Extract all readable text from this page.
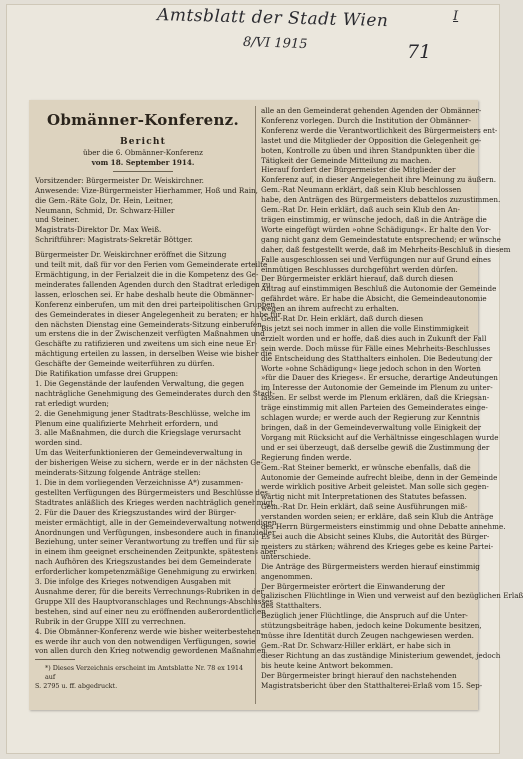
Amtsblatt der Stadt Wien	I
8/VI 1915	71
Obmänner-Konferenz.
Bericht
über die 6. Obmänner-Konferenz
vom 18. September 1914.
Vorsitzender: Bürgermeister Dr. Weiskirchner.
Anwesende: Vize-Bürgermeister Hierhammer, Hoß und Rain,
die Gem.-Räte Golz, Dr. Hein, Leitner,
Neumann, Schmid, Dr. Schwarz-Hiller
und Steiner.
Magistrats-Direktor Dr. Max Weiß.
Schriftführer: Magistrats-Sekretär Böttger.
Bürgermeister Dr. Weiskirchner eröffnet die Sitzung
und teilt mit, daß für vor den Ferien vom Gemeinderate erteilte
Ermächtigung, in der Ferialzeit die in die Kompetenz des Ge-
meinderates fallenden Agenden durch den Stadtrat erledigen zu
lassen, erloschen sei. Er habe deshalb heute die Obmänner-
Konferenz einberufen, um mit den drei parteipolitischen Gruppen
des Gemeinderates in dieser Angelegenheit zu beraten; er habe für
den nächsten Dienstag eine Gemeinderats-Sitzung einberufen,
um erstens die in der Zwischenzeit verfügten Maßnahmen und
Geschäfte zu ratifizieren und zweitens um sich eine neue Er-
mächtigung erteilen zu lassen, in derselben Weise wie bisher die
Geschäfte der Gemeinde weiterführen zu dürfen.
Die Ratifikation umfasse drei Gruppen:
1. Die Gegenstände der laufenden Verwaltung, die gegen
nachträgliche Genehmigung des Gemeinderates durch den Stadt-
rat erledigt wurden;
2. die Genehmigung jener Stadtrats-Beschlüsse, welche im
Plenum eine qualifizierte Mehrheit erfordern, und
3. alle Maßnahmen, die durch die Kriegslage verursacht
worden sind.
Um das Weiterfunktionieren der Gemeindeverwaltung in
der bisherigen Weise zu sichern, werde er in der nächsten Ge-
meinderats-Sitzung folgende Anträge stellen:
1. Die in dem vorliegenden Verzeichnisse A*) zusammen-
gestellten Verfügungen des Bürgermeisters und Beschlüsse des
Stadtrates anläßlich des Krieges werden nachträglich genehmigt.
2. Für die Dauer des Kriegszustandes wird der Bürger-
meister ermächtigt, alle in der Gemeindeverwaltung notwendigen
Anordnungen und Verfügungen, insbesondere auch in finanzieller
Beziehung, unter seiner Verantwortung zu treffen und für sie
in einem ihm geeignet erscheinenden Zeitpunkte, spätestens aber
nach Aufhören des Kriegszustandes bei dem Gemeinderate
erforderlicher kompetenzmäßige Genehmigung zu erwirken.
3. Die infolge des Krieges notwendigen Ausgaben mit
Ausnahme derer, für die bereits Verrechnungs-Rubriken in der
Gruppe XII des Hauptvoranschlages und Rechnungs-Abschlusses
bestehen, sind auf einer neu zu eröffnenden außerordentlichen
Rubrik in der Gruppe XIII zu verrechnen.
4. Die Obmänner-Konferenz werde wie bisher weiterbestehen,
es werde ihr auch von den notwendigen Verfügungen, sowie
von allen durch den Krieg notwendig gewordenen Maßnahmen
*) Dieses Verzeichnis erscheint im Amtsblatte Nr. 78 ex 1914 auf
S. 2795 u. ff. abgedruckt.
alle an den Gemeinderat gehenden Agenden der Obmänner-
Konferenz vorlegen. Durch die Institution der Obmänner-
Konferenz werde die Verantwortlichkeit des Bürgermeisters ent-
lastet und die Mitglieder der Opposition die Gelegenheit ge-
boten, Kontrolle zu üben und ihren Standpunkten über die
Tätigkeit der Gemeinde Mitteilung zu machen.
Hierauf fordert der Bürgermeister die Mitglieder der
Konferenz auf, in dieser Angelegenheit ihre Meinung zu äußern.
Gem.-Rat Neumann erklärt, daß sein Klub beschlossen
habe, den Anträgen des Bürgermeisters debattelos zuzustimmen.
Gem.-Rat Dr. Hein erklärt, daß auch sein Klub den An-
trägen einstimmig, er wünsche jedoch, daß in die Anträge die
Worte eingefügt würden »ohne Schädigung«. Er halte den Vor-
gang nicht ganz dem Gemeindestatute entsprechend; er wünsche
daher, daß festgestellt werde, daß im Mehrheits-Beschluß in diesem
Falle ausgeschlossen sei und Verfügungen nur auf Grund eines
einmütigen Beschlusses durchgeführt werden dürfen.
Der Bürgermeister erklärt hierauf, daß durch diesen
Antrag auf einstimmigen Beschluß die Autonomie der Gemeinde
gefährdet wäre. Er habe die Absicht, die Gemeindeautonomie
wegen an ihrem aufrecht zu erhalten.
Gem.-Rat Dr. Hein erklärt, daß durch diesen
Bis jetzt sei noch immer in allen die volle Einstimmigkeit
erzielt worden und er hoffe, daß dies auch in Zukunft der Fall
sein werde. Doch müsse für Fälle eines Mehrheits-Beschlusses
die Entscheidung des Statthalters einholen. Die Bedeutung der
Worte »ohne Schädigung« liege jedoch schon in den Worten
»für die Dauer des Krieges«. Er ersuche, derartige Andeutungen
im Interesse der Autonomie der Gemeinde im Plenum zu unter-
lassen. Er selbst werde im Plenum erklären, daß die Kriegsan-
träge einstimmig mit allen Parteien des Gemeinderates einge-
schlagen wurde; er werde auch der Regierung zur Kenntnis
bringen, daß in der Gemeindeverwaltung volle Einigkeit der
Vorgang mit Rücksicht auf die Verhältnisse eingeschlagen wurde
und er sei überzeugt, daß derselbe gewiß die Zustimmung der
Regierung finden werde.
Gem.-Rat Steiner bemerkt, er wünsche ebenfalls, daß die
Autonomie der Gemeinde aufrecht bleibe, denn in der Gemeinde
werde wirklich positive Arbeit geleistet. Man solle sich gegen-
wärtig nicht mit Interpretationen des Statutes befassen.
Gem.-Rat Dr. Hein erklärt, daß seine Ausführungen miß-
verstanden worden seien; er erkläre, daß sein Klub die Anträge
des Herrn Bürgermeisters einstimmig und ohne Debatte annehme.
Es sei auch die Absicht seines Klubs, die Autorität des Bürger-
meisters zu stärken; während des Krieges gebe es keine Partei-
unterschiede.
Die Anträge des Bürgermeisters werden hierauf einstimmig
angenommen.
Der Bürgermeister erörtert die Einwanderung der
galizischen Flüchtlinge in Wien und verweist auf den bezüglichen Erlaß
des Statthalters.
Bezüglich jener Flüchtlinge, die Anspruch auf die Unter-
stützungsbeiträge haben, jedoch keine Dokumente besitzen,
müsse ihre Identität durch Zeugen nachgewiesen werden.
Gem.-Rat Dr. Schwarz-Hiller erklärt, er habe sich in
dieser Richtung an das zuständige Ministerium gewendet, jedoch
bis heute keine Antwort bekommen.
Der Bürgermeister bringt hierauf den nachstehenden
Magistratsbericht über den Statthalterei-Erlaß vom 15. Sep-
